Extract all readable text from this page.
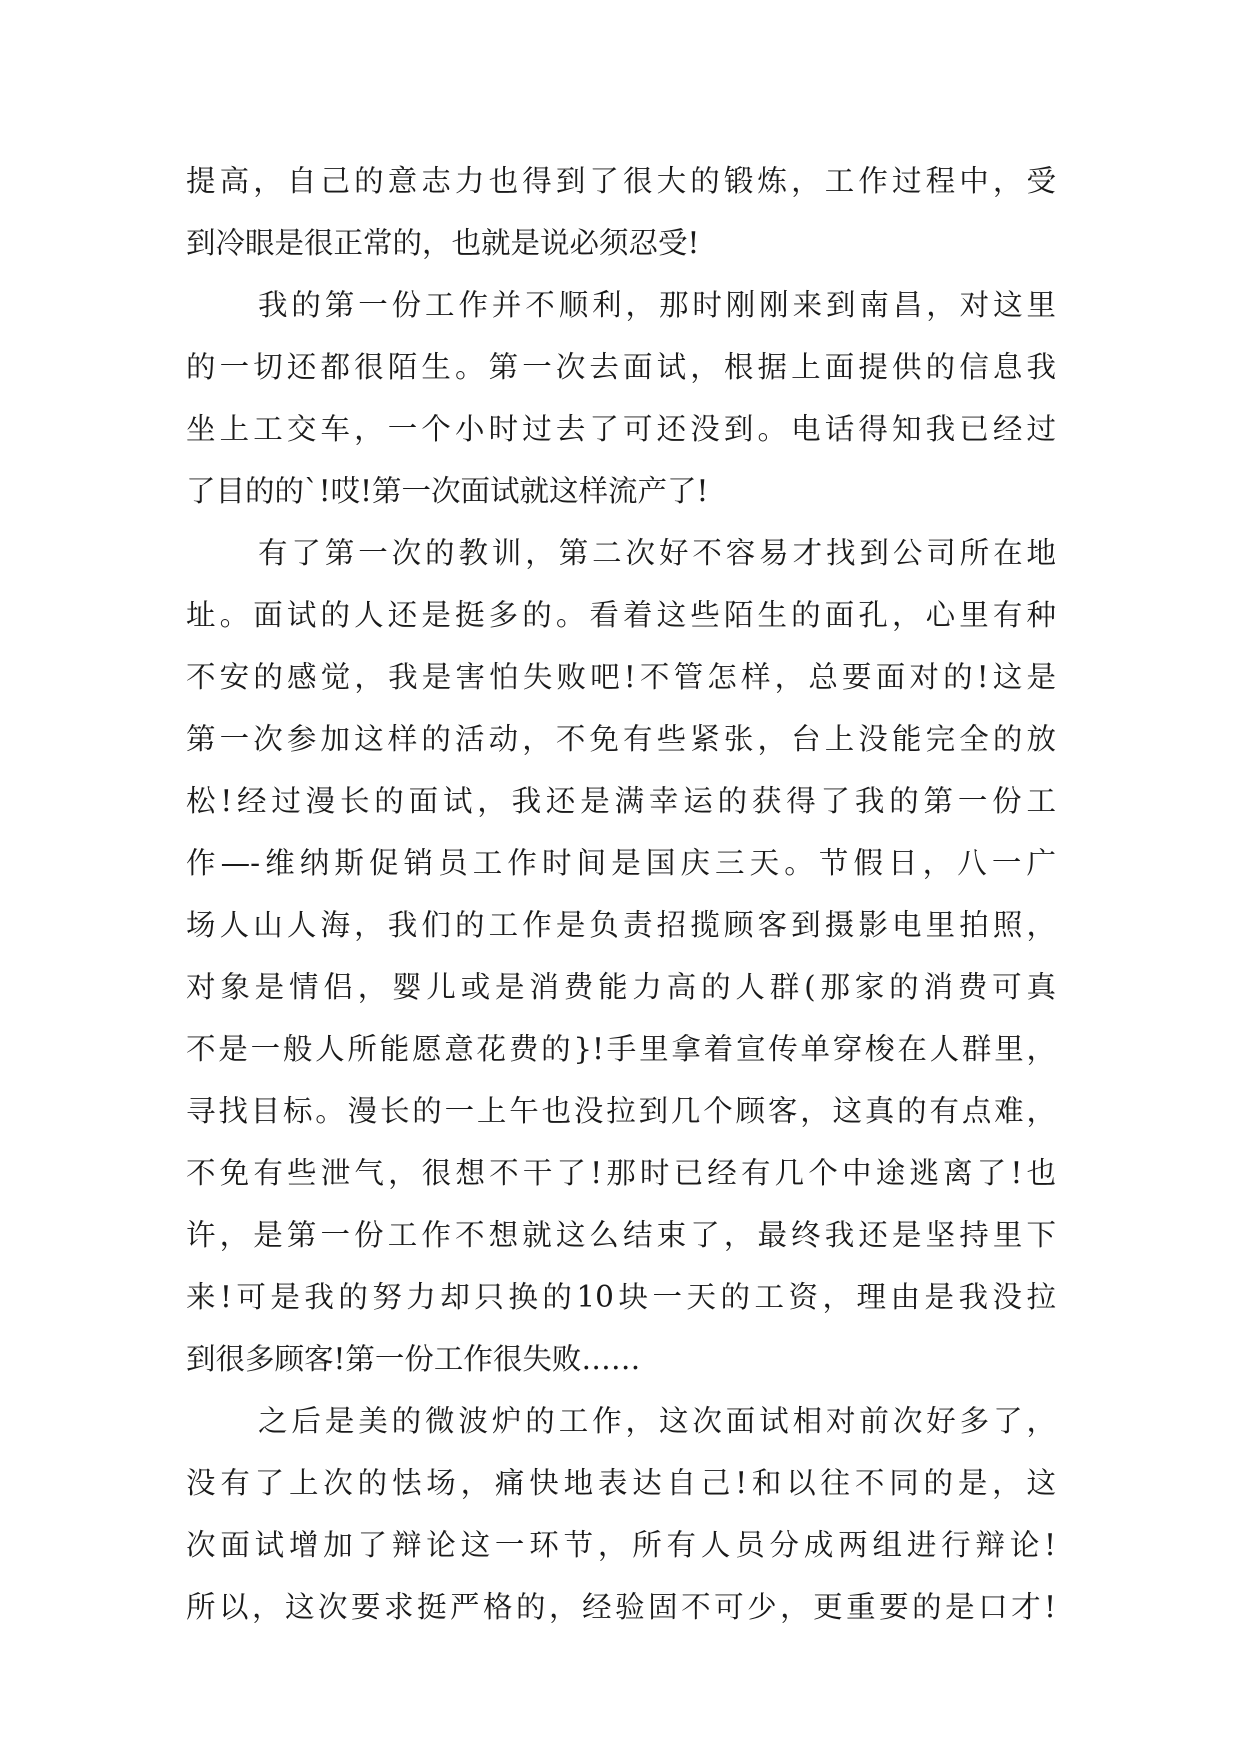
提高，自己的意志力也得到了很大的锻炼，工作过程中，受
到冷眼是很正常的，也就是说必须忍受!
我的第一份工作并不顺利，那时刚刚来到南昌，对这里
的一切还都很陌生。第一次去面试，根据上面提供的信息我
坐上工交车，一个小时过去了可还没到。电话得知我已经过
了目的的`!哎!第一次面试就这样流产了!
有了第一次的教训，第二次好不容易才找到公司所在地
址。面试的人还是挺多的。看着这些陌生的面孔，心里有种
不安的感觉，我是害怕失败吧!不管怎样，总要面对的!这是
第一次参加这样的活动，不免有些紧张，台上没能完全的放
松!经过漫长的面试，我还是满幸运的获得了我的第一份工
作—-维纳斯促销员工作时间是国庆三天。节假日，八一广
场人山人海，我们的工作是负责招揽顾客到摄影电里拍照，
对象是情侣，婴儿或是消费能力高的人群(那家的消费可真
不是一般人所能愿意花费的}!手里拿着宣传单穿梭在人群里，
寻找目标。漫长的一上午也没拉到几个顾客，这真的有点难，
不免有些泄气，很想不干了!那时已经有几个中途逃离了!也
许，是第一份工作不想就这么结束了，最终我还是坚持里下
来!可是我的努力却只换的10块一天的工资，理由是我没拉
到很多顾客!第一份工作很失败……
之后是美的微波炉的工作，这次面试相对前次好多了，
没有了上次的怯场，痛快地表达自己!和以往不同的是，这
次面试增加了辩论这一环节，所有人员分成两组进行辩论!
所以，这次要求挺严格的，经验固不可少，更重要的是口才!
